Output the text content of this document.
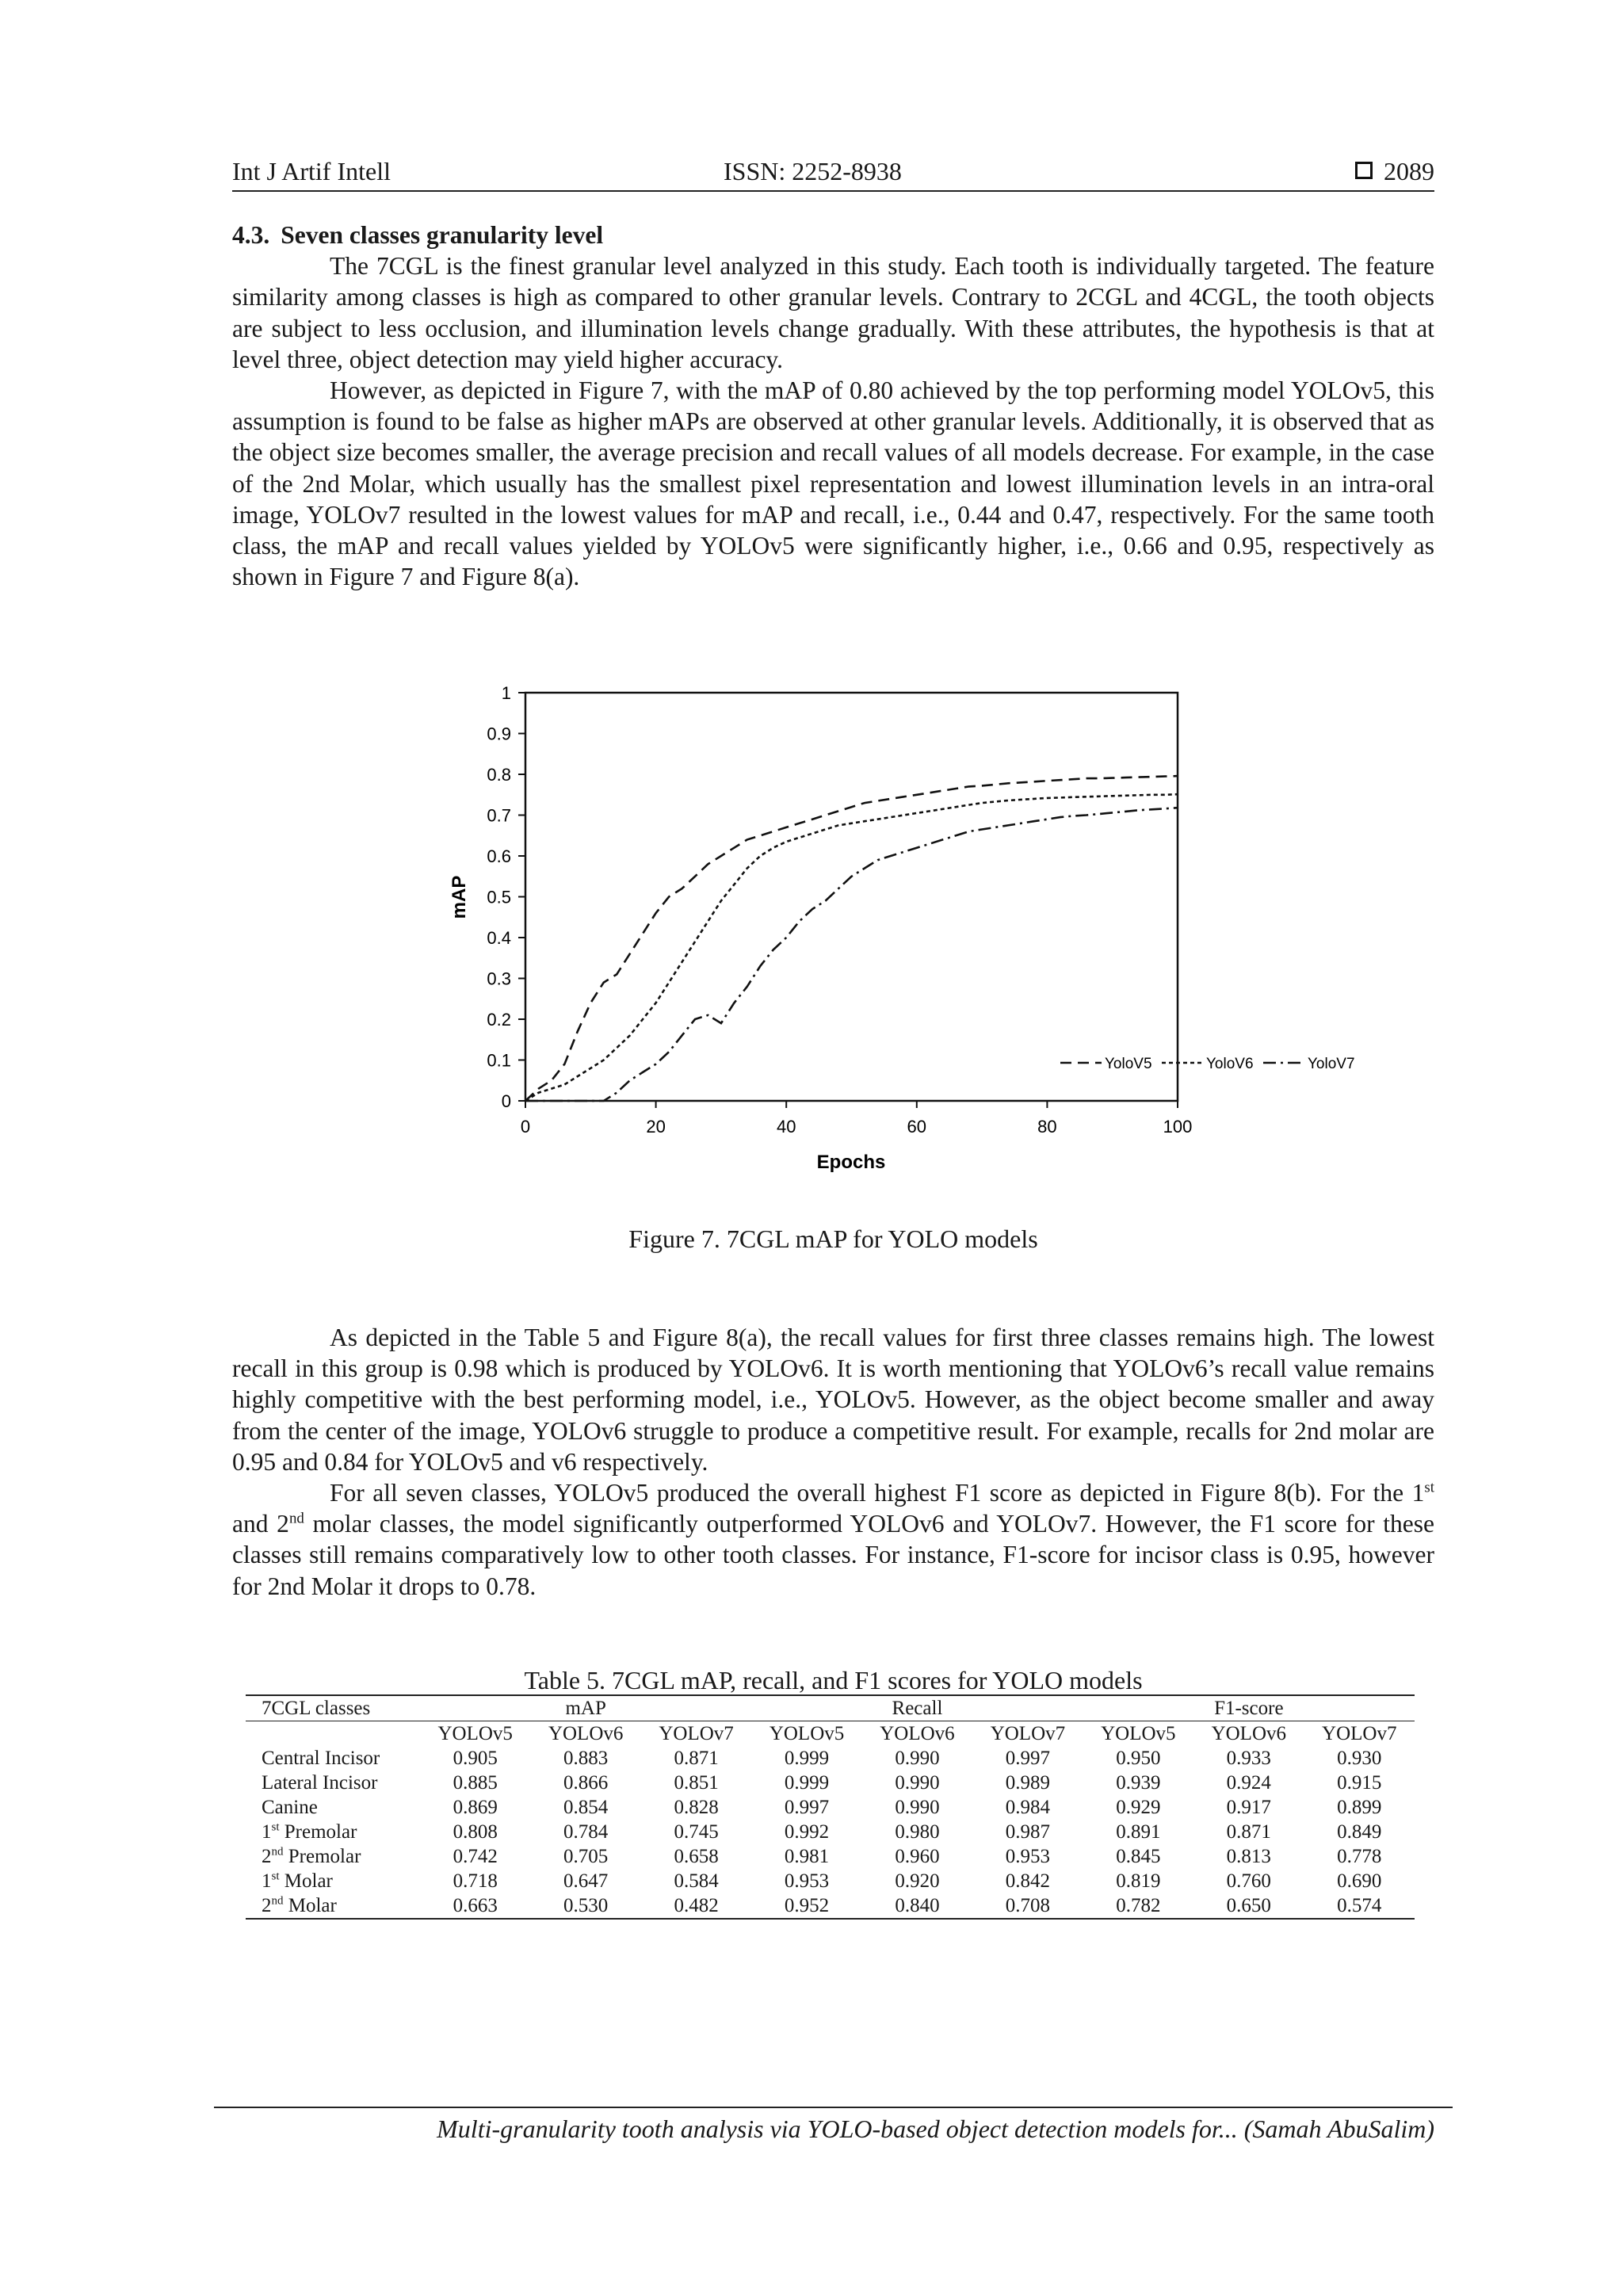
Int J Artif Intell	ISSN: 2252-8938	2089

4.3. Seven classes granularity level

The 7CGL is the finest granular level analyzed in this study. Each tooth is individually targeted. The feature similarity among classes is high as compared to other granular levels. Contrary to 2CGL and 4CGL, the tooth objects are subject to less occlusion, and illumination levels change gradually. With these attributes, the hypothesis is that at level three, object detection may yield higher accuracy.

However, as depicted in Figure 7, with the mAP of 0.80 achieved by the top performing model YOLOv5, this assumption is found to be false as higher mAPs are observed at other granular levels. Additionally, it is observed that as the object size becomes smaller, the average precision and recall values of all models decrease. For example, in the case of the 2nd Molar, which usually has the smallest pixel representation and lowest illumination levels in an intra-oral image, YOLOv7 resulted in the lowest values for mAP and recall, i.e., 0.44 and 0.47, respectively. For the same tooth class, the mAP and recall values yielded by YOLOv5 were significantly higher, i.e., 0.66 and 0.95, respectively as shown in Figure 7 and Figure 8(a).

0
0.1
0.2
0.3
0.4
0.5
0.6
0.7
0.8
0.9
1
0	20	40	60	80	100
YoloV5	YoloV6	YoloV7
mAP
Epochs
Figure 7. 7CGL mAP for YOLO models

As depicted in the Table 5 and Figure 8(a), the recall values for first three classes remains high. The lowest recall in this group is 0.98 which is produced by YOLOv6. It is worth mentioning that YOLOv6’s recall value remains highly competitive with the best performing model, i.e., YOLOv5. However, as the object become smaller and away from the center of the image, YOLOv6 struggle to produce a competitive result. For example, recalls for 2nd molar are 0.95 and 0.84 for YOLOv5 and v6 respectively.

For all seven classes, YOLOv5 produced the overall highest F1 score as depicted in Figure 8(b). For the 1st and 2nd molar classes, the model significantly outperformed YOLOv6 and YOLOv7. However, the F1 score for these classes still remains comparatively low to other tooth classes. For instance, F1-score for incisor class is 0.95, however for 2nd Molar it drops to 0.78.

Table 5. 7CGL mAP, recall, and F1 scores for YOLO models
7CGL classes	mAP			Recall			F1-score		
	YOLOv5	YOLOv6	YOLOv7	YOLOv5	YOLOv6	YOLOv7	YOLOv5	YOLOv6	YOLOv7
Central Incisor	0.905	0.883	0.871	0.999	0.990	0.997	0.950	0.933	0.930
Lateral Incisor	0.885	0.866	0.851	0.999	0.990	0.989	0.939	0.924	0.915
Canine	0.869	0.854	0.828	0.997	0.990	0.984	0.929	0.917	0.899
1st Premolar	0.808	0.784	0.745	0.992	0.980	0.987	0.891	0.871	0.849
2nd Premolar	0.742	0.705	0.658	0.981	0.960	0.953	0.845	0.813	0.778
1st Molar	0.718	0.647	0.584	0.953	0.920	0.842	0.819	0.760	0.690
2nd Molar	0.663	0.530	0.482	0.952	0.840	0.708	0.782	0.650	0.574
Multi-granularity tooth analysis via YOLO-based object detection models for... (Samah AbuSalim)
